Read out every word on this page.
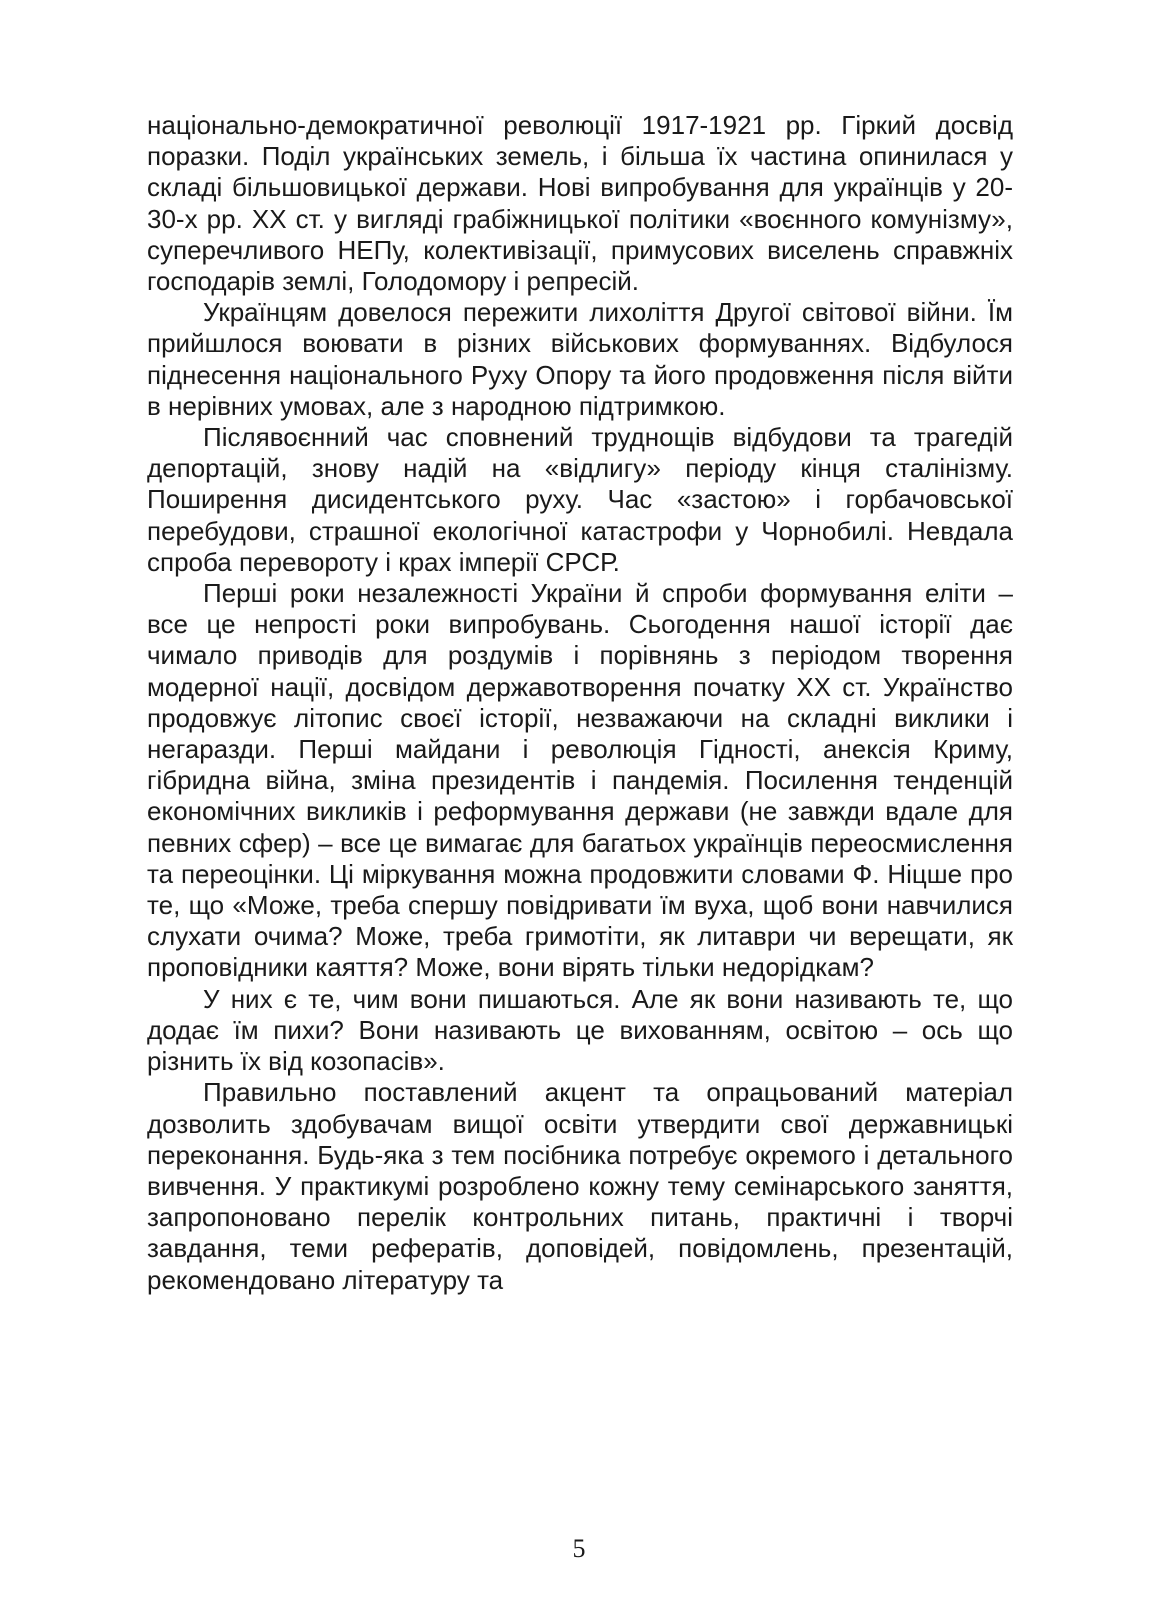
національно-демократичної революції 1917-1921 рр. Гіркий досвід поразки. Поділ українських земель, і більша їх частина опинилася у складі більшовицької держави. Нові випробування для українців у 20-30-х рр. ХХ ст. у вигляді грабіжницької політики «воєнного комунізму», суперечливого НЕПу, колективізації, примусових виселень справжніх господарів землі, Голодомору і репресій.

Українцям довелося пережити лихоліття Другої світової війни. Їм прийшлося воювати в різних військових формуваннях. Відбулося піднесення національного Руху Опору та його продовження після війти в нерівних умовах, але з народною підтримкою.

Післявоєнний час сповнений труднощів відбудови та трагедій депортацій, знову надій на «відлигу» періоду кінця сталінізму. Поширення дисидентського руху. Час «застою» і горбачовської перебудови, страшної екологічної катастрофи у Чорнобилі. Невдала спроба перевороту і крах імперії СРСР.

Перші роки незалежності України й спроби формування еліти – все це непрості роки випробувань. Сьогодення нашої історії дає чимало приводів для роздумів і порівнянь з періодом творення модерної нації, досвідом державотворення початку ХХ ст. Українство продовжує літопис своєї історії, незважаючи на складні виклики і негаразди. Перші майдани і революція Гідності, анексія Криму, гібридна війна, зміна президентів і пандемія. Посилення тенденцій економічних викликів і реформування держави (не завжди вдале для певних сфер) – все це вимагає для багатьох українців переосмислення та переоцінки. Ці міркування можна продовжити словами Ф. Ніцше про те, що «Може, треба спершу повідривати їм вуха, щоб вони навчилися слухати очима? Може, треба гримотіти, як литаври чи верещати, як проповідники каяття? Може, вони вірять тільки недорідкам?

У них є те, чим вони пишаються. Але як вони називають те, що додає їм пихи? Вони називають це вихованням, освітою – ось що різнить їх від козопасів».

Правильно поставлений акцент та опрацьований матеріал дозволить здобувачам вищої освіти утвердити свої державницькі переконання. Будь-яка з тем посібника потребує окремого і детального вивчення. У практикумі розроблено кожну тему семінарського заняття, запропоновано перелік контрольних питань, практичні і творчі завдання, теми рефератів, доповідей, повідомлень, презентацій, рекомендовано літературу та

5
